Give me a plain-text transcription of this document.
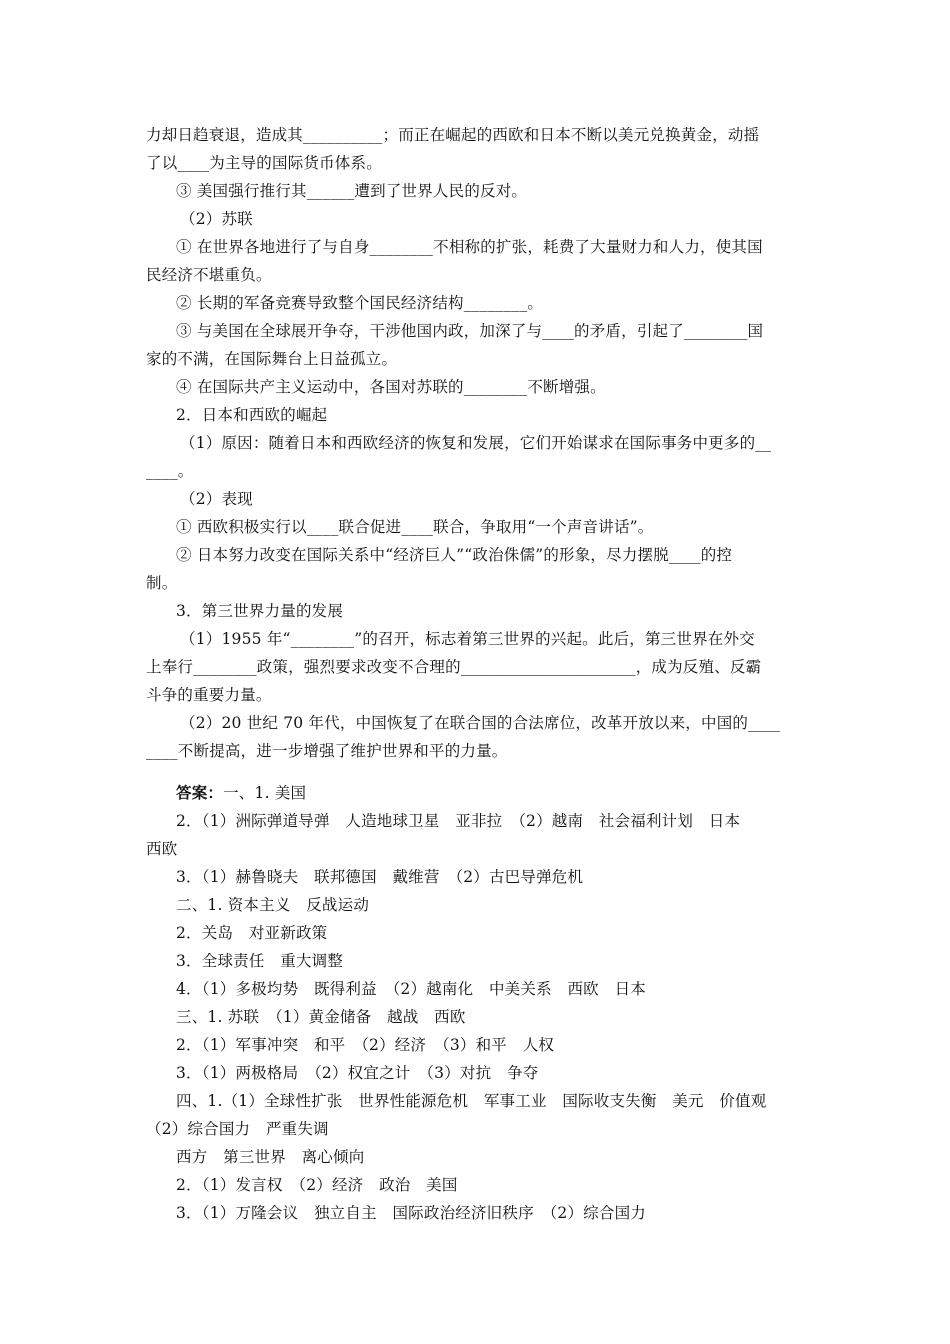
力却日趋衰退，造成其__________；而正在崛起的西欧和日本不断以美元兑换黄金，动摇
了以____为主导的国际货币体系。
③ 美国强行推行其______遭到了世界人民的反对。
（2）苏联
① 在世界各地进行了与自身________不相称的扩张，耗费了大量财力和人力，使其国
民经济不堪重负。
② 长期的军备竞赛导致整个国民经济结构________。
③ 与美国在全球展开争夺，干涉他国内政，加深了与____的矛盾，引起了________国
家的不满，在国际舞台上日益孤立。
④ 在国际共产主义运动中，各国对苏联的________不断增强。
2．日本和西欧的崛起
（1）原因：随着日本和西欧经济的恢复和发展，它们开始谋求在国际事务中更多的__
____。
（2）表现
① 西欧积极实行以____联合促进____联合，争取用“一个声音讲话”。
② 日本努力改变在国际关系中“经济巨人”“政治侏儒”的形象，尽力摆脱____的控
制。
3．第三世界力量的发展
（1）1955 年“________”的召开，标志着第三世界的兴起。此后，第三世界在外交
上奉行________政策，强烈要求改变不合理的______________________，成为反殖、反霸
斗争的重要力量。
（2）20 世纪 70 年代，中国恢复了在联合国的合法席位，改革开放以来，中国的____
____不断提高，进一步增强了维护世界和平的力量。
答案：一、1. 美国
2．（1）洲际弹道导弹　人造地球卫星　亚非拉　（2）越南　社会福利计划　日本
西欧
3．（1）赫鲁晓夫　联邦德国　戴维营　（2）古巴导弹危机
二、1. 资本主义　反战运动
2．关岛　对亚新政策
3．全球责任　重大调整
4．（1）多极均势　既得利益　（2）越南化　中美关系　西欧　日本
三、1. 苏联　（1）黄金储备　越战　西欧
2．（1）军事冲突　和平　（2）经济　（3）和平　人权
3．（1）两极格局　（2）权宜之计　（3）对抗　争夺
四、1.（1）全球性扩张　世界性能源危机　军事工业　国际收支失衡　美元　价值观
（2）综合国力　严重失调
西方　第三世界　离心倾向
2．（1）发言权　（2）经济　政治　美国
3．（1）万隆会议　独立自主　国际政治经济旧秩序　（2）综合国力
